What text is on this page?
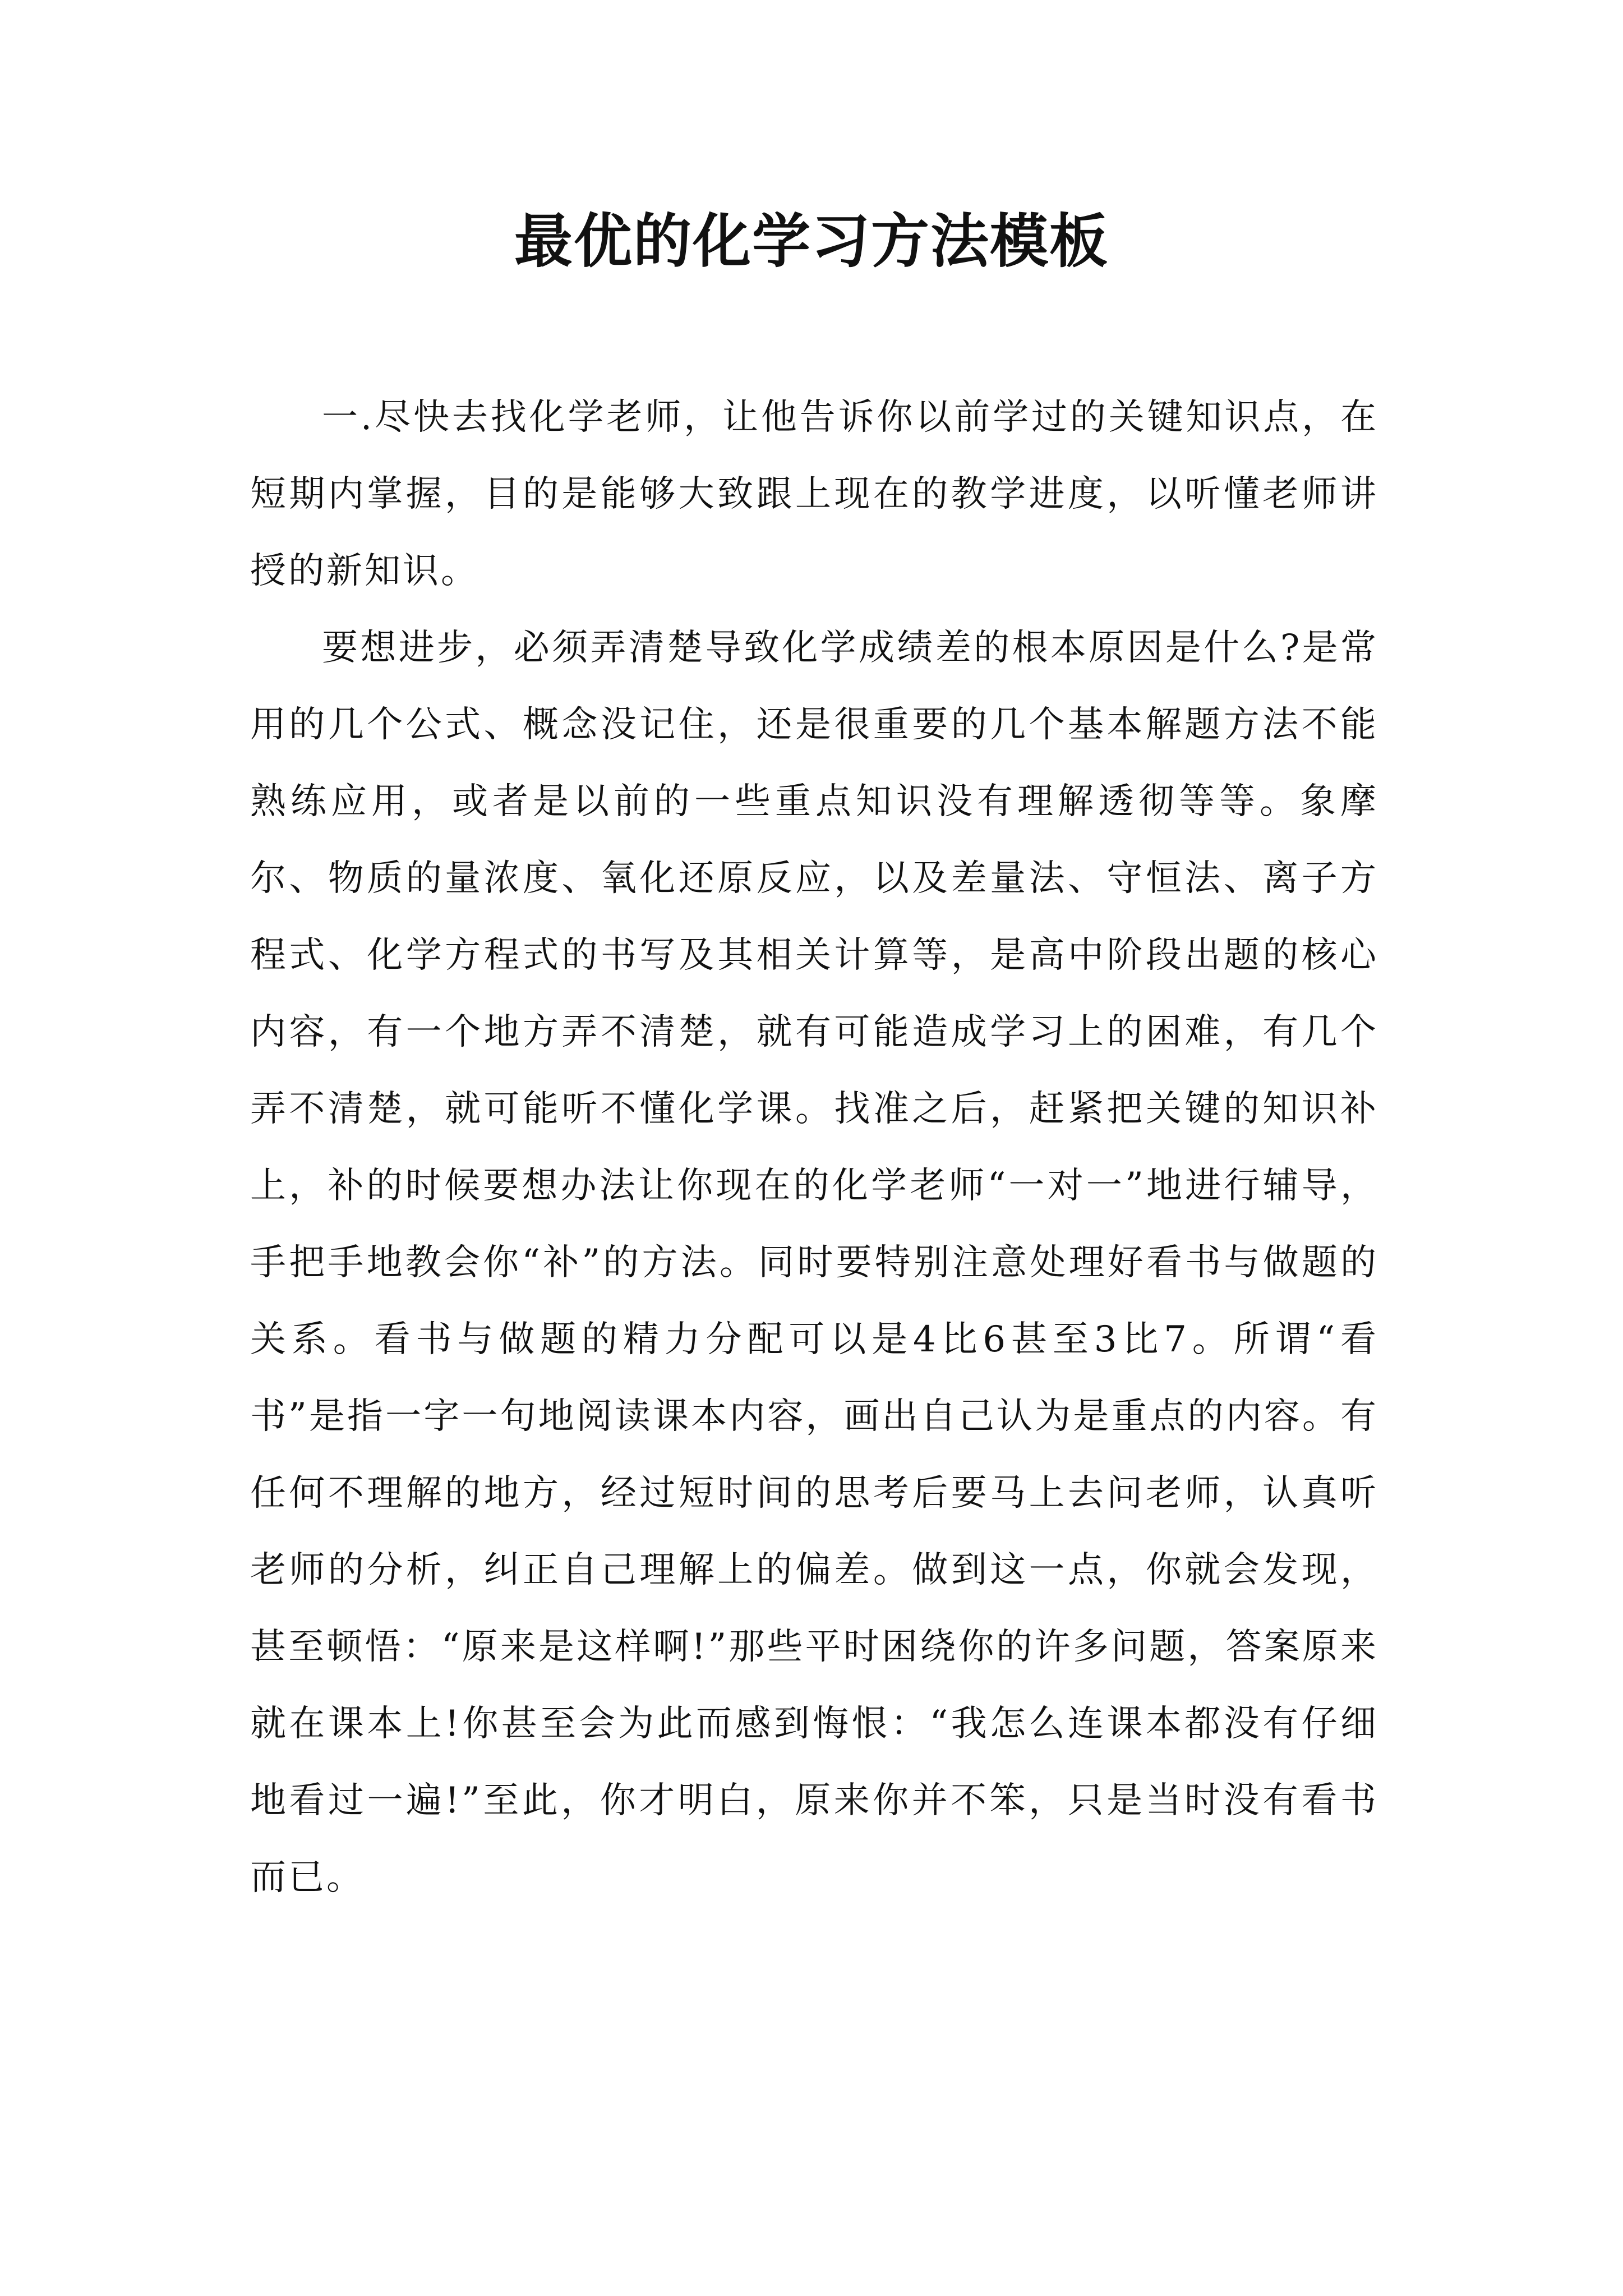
最优的化学习方法模板

一.尽快去找化学老师，让他告诉你以前学过的关键知识点，在短期内掌握，目的是能够大致跟上现在的教学进度，以听懂老师讲授的新知识。

要想进步，必须弄清楚导致化学成绩差的根本原因是什么?是常用的几个公式、概念没记住，还是很重要的几个基本解题方法不能熟练应用，或者是以前的一些重点知识没有理解透彻等等。象摩尔、物质的量浓度、氧化还原反应，以及差量法、守恒法、离子方程式、化学方程式的书写及其相关计算等，是高中阶段出题的核心内容，有一个地方弄不清楚，就有可能造成学习上的困难，有几个弄不清楚，就可能听不懂化学课。找准之后，赶紧把关键的知识补上，补的时候要想办法让你现在的化学老师“一对一”地进行辅导，手把手地教会你“补”的方法。同时要特别注意处理好看书与做题的关系。看书与做题的精力分配可以是4比6甚至3比7。所谓“看书”是指一字一句地阅读课本内容，画出自己认为是重点的内容。有任何不理解的地方，经过短时间的思考后要马上去问老师，认真听老师的分析，纠正自己理解上的偏差。做到这一点，你就会发现，甚至顿悟：“原来是这样啊!”那些平时困绕你的许多问题，答案原来就在课本上!你甚至会为此而感到悔恨：“我怎么连课本都没有仔细地看过一遍!”至此，你才明白，原来你并不笨，只是当时没有看书而已。
